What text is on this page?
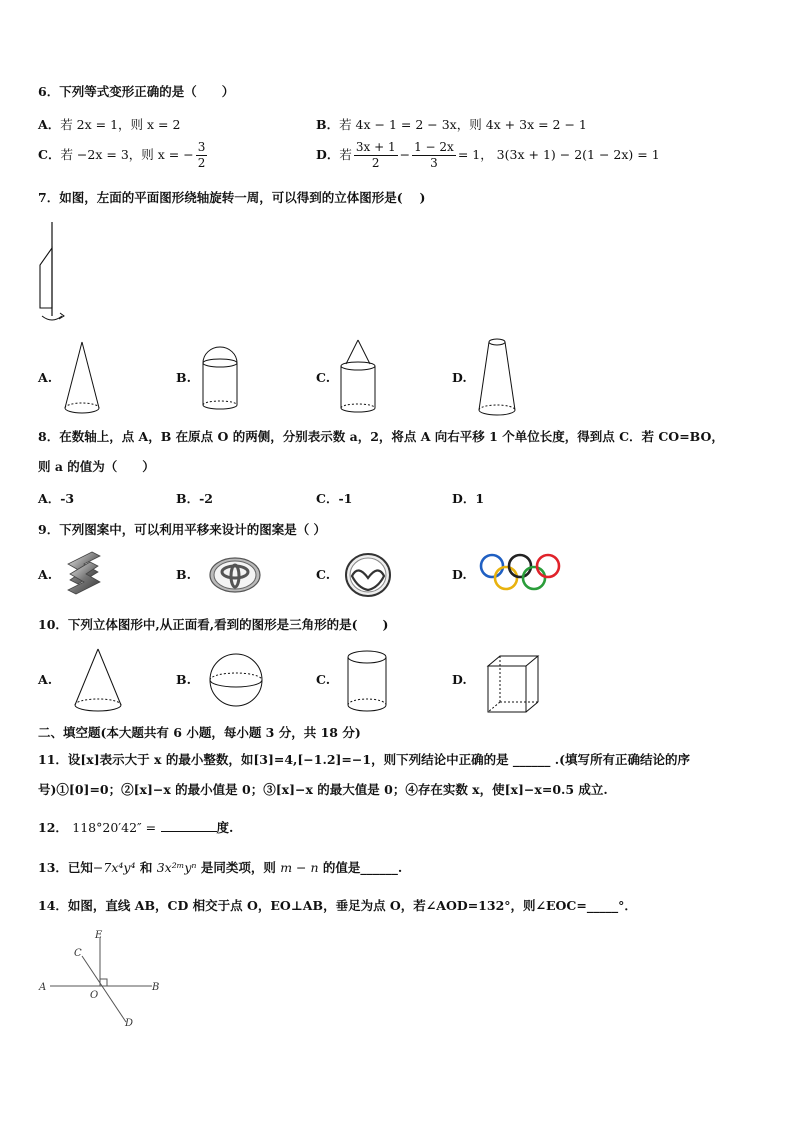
6．下列等式变形正确的是（　　）
A．若 2x = 1，则 x = 2	B．若 4x − 1 = 2 − 3x，则 4x + 3x = 2 − 1
C．若 −2x = 3，则 x = − $\frac{3}{2}$	D．若 $\frac{3x + 1}{2} - \frac{1 - 2x}{3} = 1$， 3(3x + 1) − 2(1 − 2x) = 1
7．如图，左面的平面图形绕轴旋转一周，可以得到的立体图形是(　 )
A.	B.	C.	D.
8．在数轴上，点 A，B 在原点 O 的两侧，分别表示数 a，2，将点 A 向右平移 1 个单位长度，得到点 C．若 CO=BO，
则 a 的值为（　　）
A．-3	B．-2	C．-1	D．1
9．下列图案中，可以利用平移来设计的图案是（ ）
A.	B.	C.	D.
10．下列立体图形中,从正面看,看到的图形是三角形的是(　　)
A.	B.	C.	D.
二、填空题(本大题共有 6 小题，每小题 3 分，共 18 分)
11．设[x]表示大于 x 的最小整数，如[3]=4,[−1.2]=−1，则下列结论中正确的是 ______ .(填写所有正确结论的序
号)①[0]=0；②[x]−x 的最小值是 0；③[x]−x 的最大值是 0；④存在实数 x，使[x]−x=0.5 成立.
12． 118°20′42″ =	度.
13．已知−7x⁴y⁴ 和 3x²ᵐyⁿ 是同类项，则 m − n 的值是______.
14．如图，直线 AB，CD 相交于点 O，EO⊥AB，垂足为点 O，若∠AOD=132°，则∠EOC=_____°．
A	B
C
D
E
O
